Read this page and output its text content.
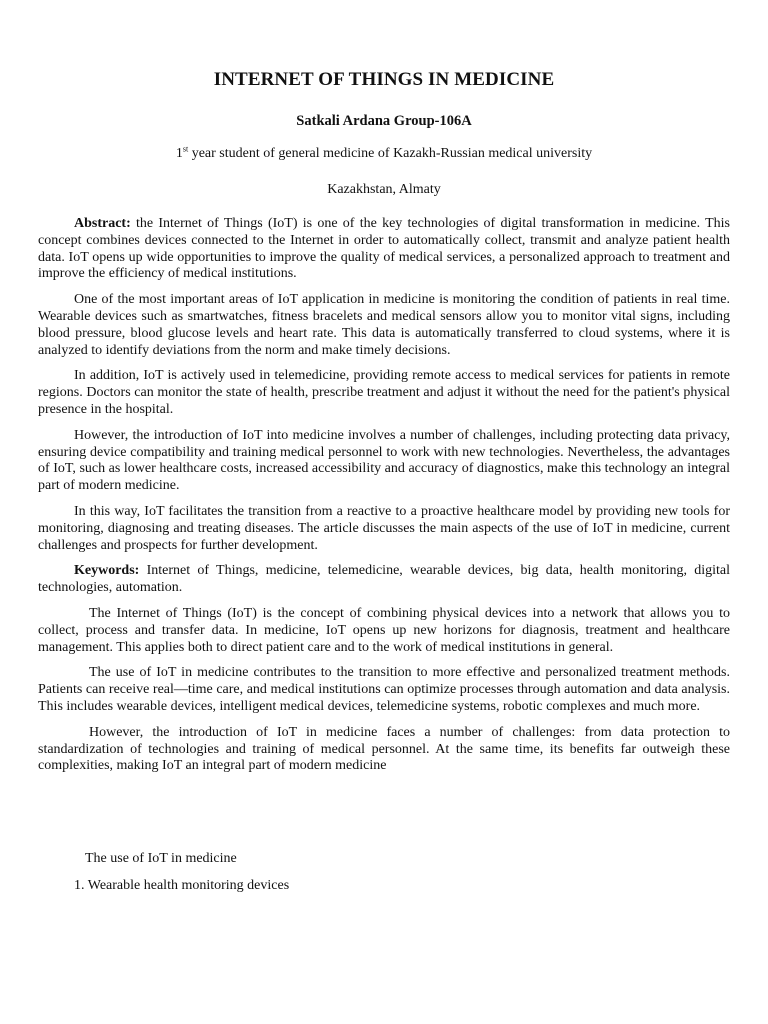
INTERNET OF THINGS IN MEDICINE

Satkali Ardana Group-106A

1st year student of general medicine of Kazakh-Russian medical university

Kazakhstan, Almaty

Abstract: the Internet of Things (IoT) is one of the key technologies of digital transformation in medicine. This concept combines devices connected to the Internet in order to automatically collect, transmit and analyze patient health data. IoT opens up wide opportunities to improve the quality of medical services, a personalized approach to treatment and improve the efficiency of medical institutions.

One of the most important areas of IoT application in medicine is monitoring the condition of patients in real time. Wearable devices such as smartwatches, fitness bracelets and medical sensors allow you to monitor vital signs, including blood pressure, blood glucose levels and heart rate. This data is automatically transferred to cloud systems, where it is analyzed to identify deviations from the norm and make timely decisions.

In addition, IoT is actively used in telemedicine, providing remote access to medical services for patients in remote regions. Doctors can monitor the state of health, prescribe treatment and adjust it without the need for the patient's physical presence in the hospital.

However, the introduction of IoT into medicine involves a number of challenges, including protecting data privacy, ensuring device compatibility and training medical personnel to work with new technologies. Nevertheless, the advantages of IoT, such as lower healthcare costs, increased accessibility and accuracy of diagnostics, make this technology an integral part of modern medicine.

In this way, IoT facilitates the transition from a reactive to a proactive healthcare model by providing new tools for monitoring, diagnosing and treating diseases. The article discusses the main aspects of the use of IoT in medicine, current challenges and prospects for further development.

Keywords: Internet of Things, medicine, telemedicine, wearable devices, big data, health monitoring, digital technologies, automation.

The Internet of Things (IoT) is the concept of combining physical devices into a network that allows you to collect, process and transfer data. In medicine, IoT opens up new horizons for diagnosis, treatment and healthcare management. This applies both to direct patient care and to the work of medical institutions in general.

The use of IoT in medicine contributes to the transition to more effective and personalized treatment methods. Patients can receive real—time care, and medical institutions can optimize processes through automation and data analysis. This includes wearable devices, intelligent medical devices, telemedicine systems, robotic complexes and much more.

However, the introduction of IoT in medicine faces a number of challenges: from data protection to standardization of technologies and training of medical personnel. At the same time, its benefits far outweigh these complexities, making IoT an integral part of modern medicine

The use of IoT in medicine

1. Wearable health monitoring devices
